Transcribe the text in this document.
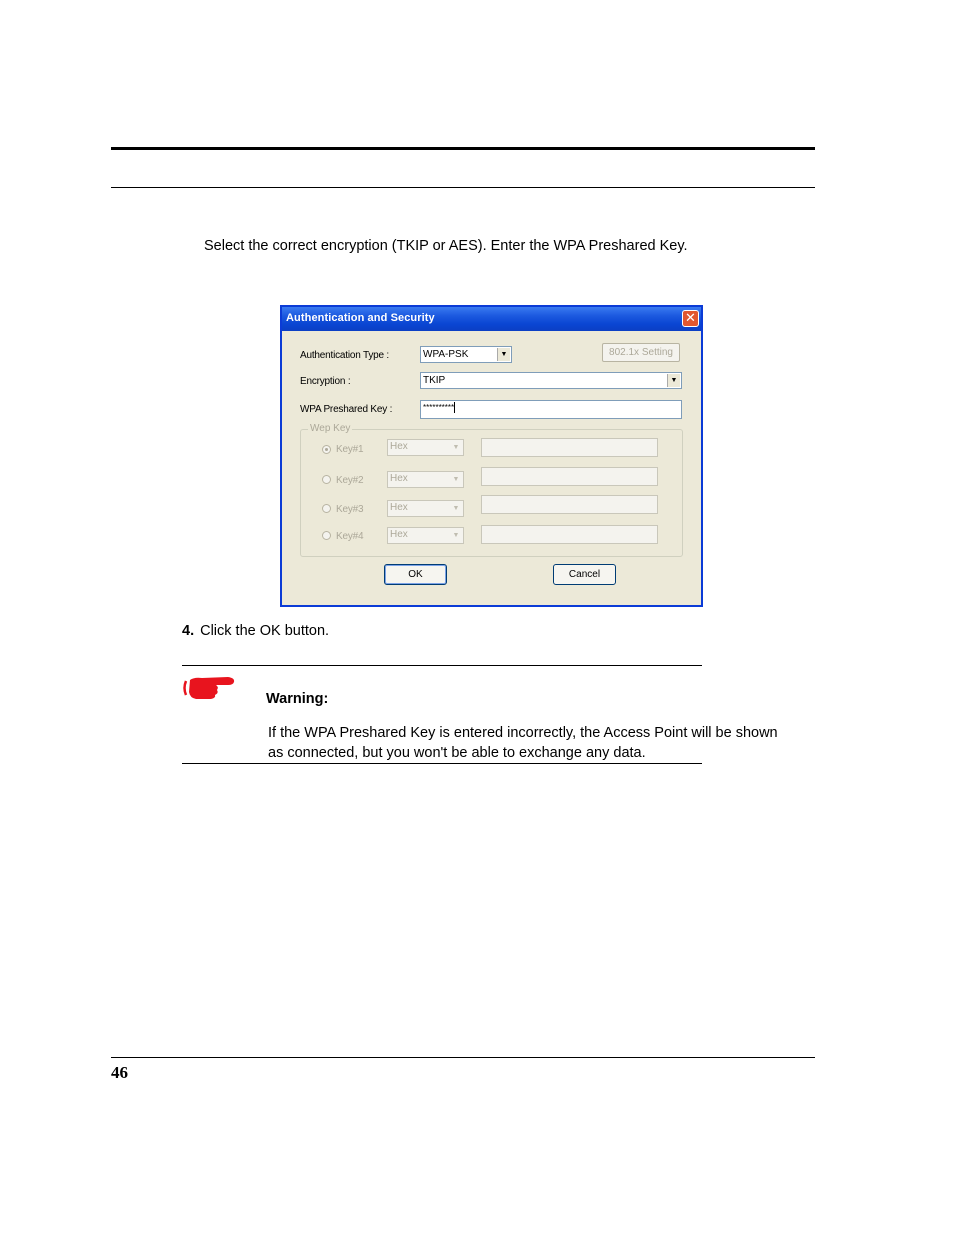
Select the correct encryption (TKIP or AES). Enter the WPA Preshared Key.
Authentication and Security	✕
Authentication Type :	WPA-PSK	▼	802.1x Setting
Encryption :	TKIP	▼
WPA Preshared Key :	**********
Wep Key
Key#1	Hex	▼
Key#2	Hex	▼
Key#3	Hex	▼
Key#4	Hex	▼
OK	Cancel
4. Click the OK button.
Warning:
If the WPA Preshared Key is entered incorrectly, the Access Point will be shown as connected, but you won't be able to exchange any data.
46
